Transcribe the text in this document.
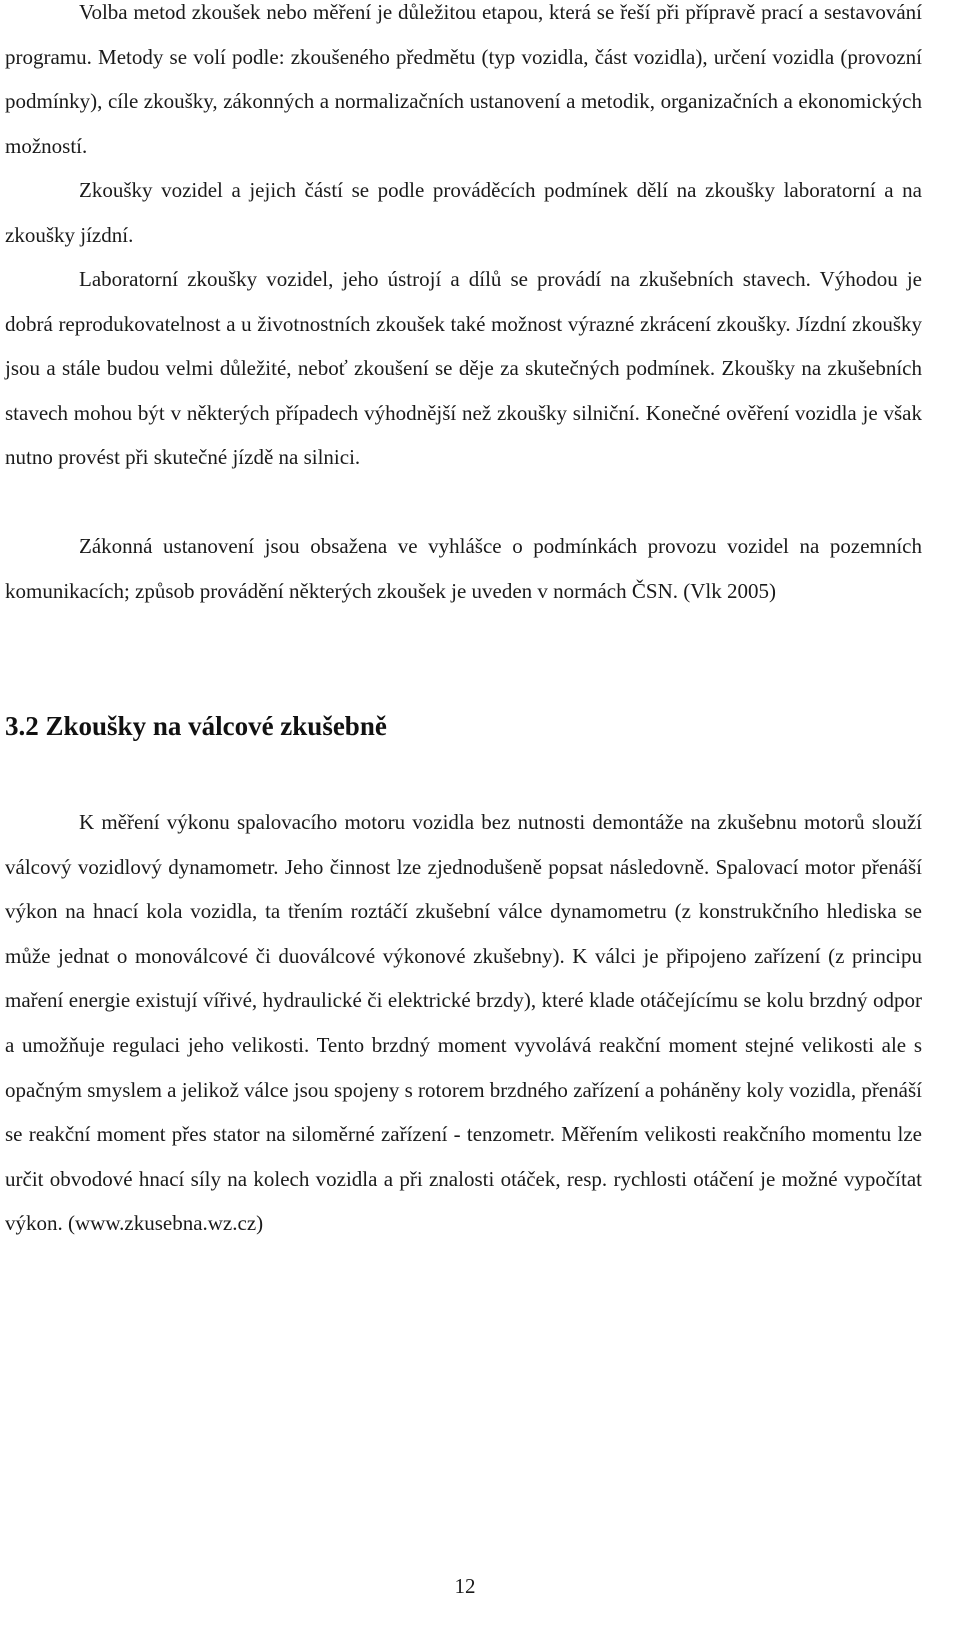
Volba metod zkoušek nebo měření je důležitou etapou, která se řeší při přípravě prací a sestavování programu. Metody se volí podle: zkoušeného předmětu (typ vozidla, část vozidla), určení vozidla (provozní podmínky), cíle zkoušky, zákonných a normalizačních ustanovení a metodik, organizačních a ekonomických možností.

Zkoušky vozidel a jejich částí se podle prováděcích podmínek dělí na zkoušky laboratorní a na zkoušky jízdní.

Laboratorní zkoušky vozidel, jeho ústrojí a dílů se provádí na zkušebních stavech. Výhodou je dobrá reprodukovatelnost a u životnostních zkoušek také možnost výrazné zkrácení zkoušky. Jízdní zkoušky jsou a stále budou velmi důležité, neboť zkoušení se děje za skutečných podmínek. Zkoušky na zkušebních stavech mohou být v některých případech výhodnější než zkoušky silniční. Konečné ověření vozidla je však nutno provést při skutečné jízdě na silnici.

Zákonná ustanovení jsou obsažena ve vyhlášce o podmínkách provozu vozidel na pozemních komunikacích; způsob provádění některých zkoušek je uveden v normách ČSN. (Vlk 2005)

3.2 Zkoušky na válcové zkušebně

K měření výkonu spalovacího motoru vozidla bez nutnosti demontáže na zkušebnu motorů slouží válcový vozidlový dynamometr. Jeho činnost lze zjednodušeně popsat následovně. Spalovací motor přenáší výkon na hnací kola vozidla, ta třením roztáčí zkušební válce dynamometru (z konstrukčního hlediska se může jednat o monoválcové či duoválcové výkonové zkušebny). K válci je připojeno zařízení (z principu maření energie existují vířivé, hydraulické či elektrické brzdy), které klade otáčejícímu se kolu brzdný odpor a umožňuje regulaci jeho velikosti. Tento brzdný moment vyvolává reakční moment stejné velikosti ale s opačným smyslem a jelikož válce jsou spojeny s rotorem brzdného zařízení a poháněny koly vozidla, přenáší se reakční moment přes stator na siloměrné zařízení - tenzometr. Měřením velikosti reakčního momentu lze určit obvodové hnací síly na kolech vozidla a při znalosti otáček, resp. rychlosti otáčení je možné vypočítat výkon. (www.zkusebna.wz.cz)

12
